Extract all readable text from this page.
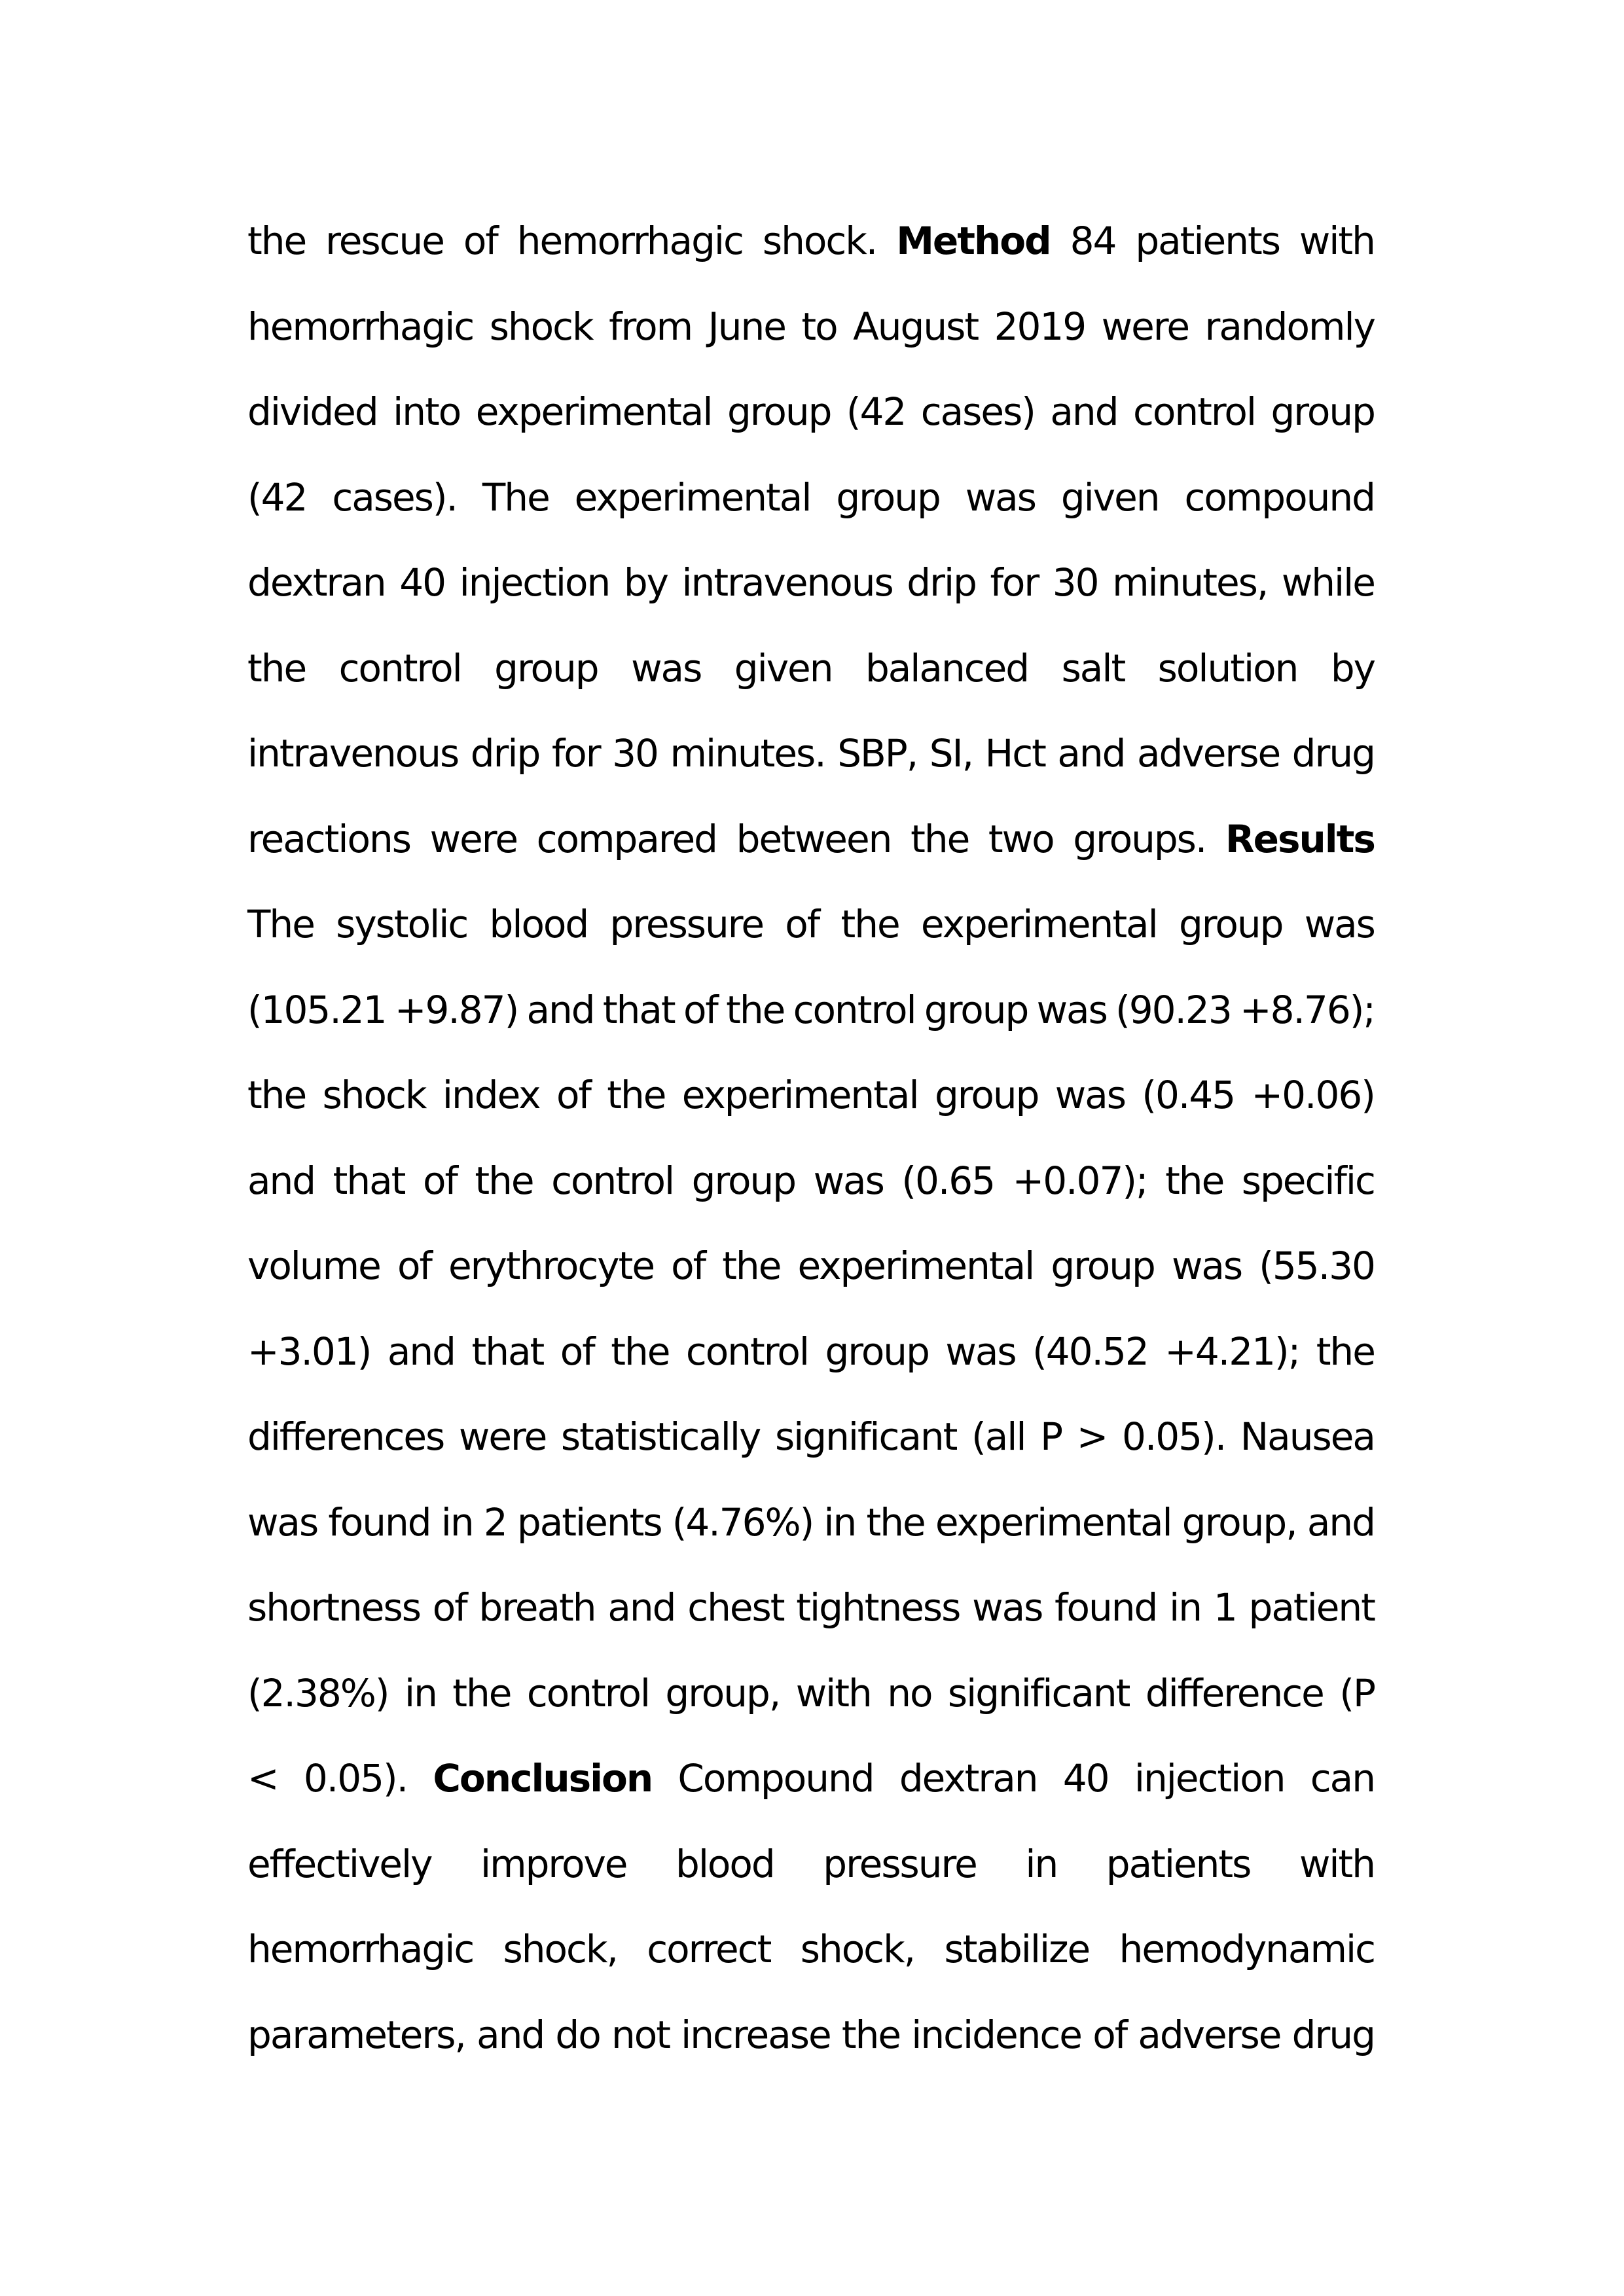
the rescue of hemorrhagic shock. Method 84 patients with
hemorrhagic shock from June to August 2019 were randomly
divided into experimental group (42 cases) and control group
(42 cases). The experimental group was given compound
dextran 40 injection by intravenous drip for 30 minutes, while
the control group was given balanced salt solution by
intravenous drip for 30 minutes. SBP, SI, Hct and adverse drug
reactions were compared between the two groups. Results
The systolic blood pressure of the experimental group was
(105.21 +9.87) and that of the control group was (90.23 +8.76);
the shock index of the experimental group was (0.45 +0.06)
and that of the control group was (0.65 +0.07); the specific
volume of erythrocyte of the experimental group was (55.30
+3.01) and that of the control group was (40.52 +4.21); the
differences were statistically significant (all P > 0.05). Nausea
was found in 2 patients (4.76%) in the experimental group, and
shortness of breath and chest tightness was found in 1 patient
(2.38%) in the control group, with no significant difference (P
< 0.05). Conclusion Compound dextran 40 injection can
effectively improve blood pressure in patients with
hemorrhagic shock, correct shock, stabilize hemodynamic
parameters, and do not increase the incidence of adverse drug
